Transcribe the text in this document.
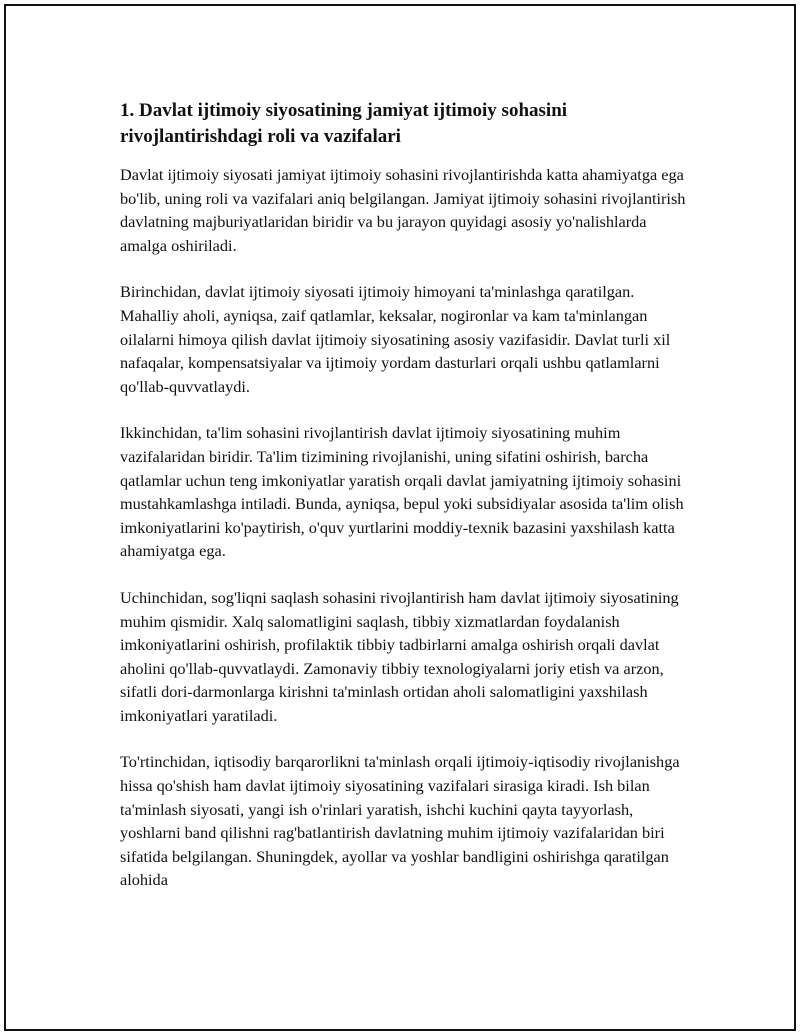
1. Davlat ijtimoiy siyosatining jamiyat ijtimoiy sohasini rivojlantirishdagi roli va vazifalari

Davlat ijtimoiy siyosati jamiyat ijtimoiy sohasini rivojlantirishda katta ahamiyatga ega bo'lib, uning roli va vazifalari aniq belgilangan. Jamiyat ijtimoiy sohasini rivojlantirish davlatning majburiyatlaridan biridir va bu jarayon quyidagi asosiy yo'nalishlarda amalga oshiriladi.

Birinchidan, davlat ijtimoiy siyosati ijtimoiy himoyani ta'minlashga qaratilgan. Mahalliy aholi, ayniqsa, zaif qatlamlar, keksalar, nogironlar va kam ta'minlangan oilalarni himoya qilish davlat ijtimoiy siyosatining asosiy vazifasidir. Davlat turli xil nafaqalar, kompensatsiyalar va ijtimoiy yordam dasturlari orqali ushbu qatlamlarni qo'llab-quvvatlaydi.

Ikkinchidan, ta'lim sohasini rivojlantirish davlat ijtimoiy siyosatining muhim vazifalaridan biridir. Ta'lim tizimining rivojlanishi, uning sifatini oshirish, barcha qatlamlar uchun teng imkoniyatlar yaratish orqali davlat jamiyatning ijtimoiy sohasini mustahkamlashga intiladi. Bunda, ayniqsa, bepul yoki subsidiyalar asosida ta'lim olish imkoniyatlarini ko'paytirish, o'quv yurtlarini moddiy-texnik bazasini yaxshilash katta ahamiyatga ega.

Uchinchidan, sog'liqni saqlash sohasini rivojlantirish ham davlat ijtimoiy siyosatining muhim qismidir. Xalq salomatligini saqlash, tibbiy xizmatlardan foydalanish imkoniyatlarini oshirish, profilaktik tibbiy tadbirlarni amalga oshirish orqali davlat aholini qo'llab-quvvatlaydi. Zamonaviy tibbiy texnologiyalarni joriy etish va arzon, sifatli dori-darmonlarga kirishni ta'minlash ortidan aholi salomatligini yaxshilash imkoniyatlari yaratiladi.

To'rtinchidan, iqtisodiy barqarorlikni ta'minlash orqali ijtimoiy-iqtisodiy rivojlanishga hissa qo'shish ham davlat ijtimoiy siyosatining vazifalari sirasiga kiradi. Ish bilan ta'minlash siyosati, yangi ish o'rinlari yaratish, ishchi kuchini qayta tayyorlash, yoshlarni band qilishni rag'batlantirish davlatning muhim ijtimoiy vazifalaridan biri sifatida belgilangan. Shuningdek, ayollar va yoshlar bandligini oshirishga qaratilgan alohida
